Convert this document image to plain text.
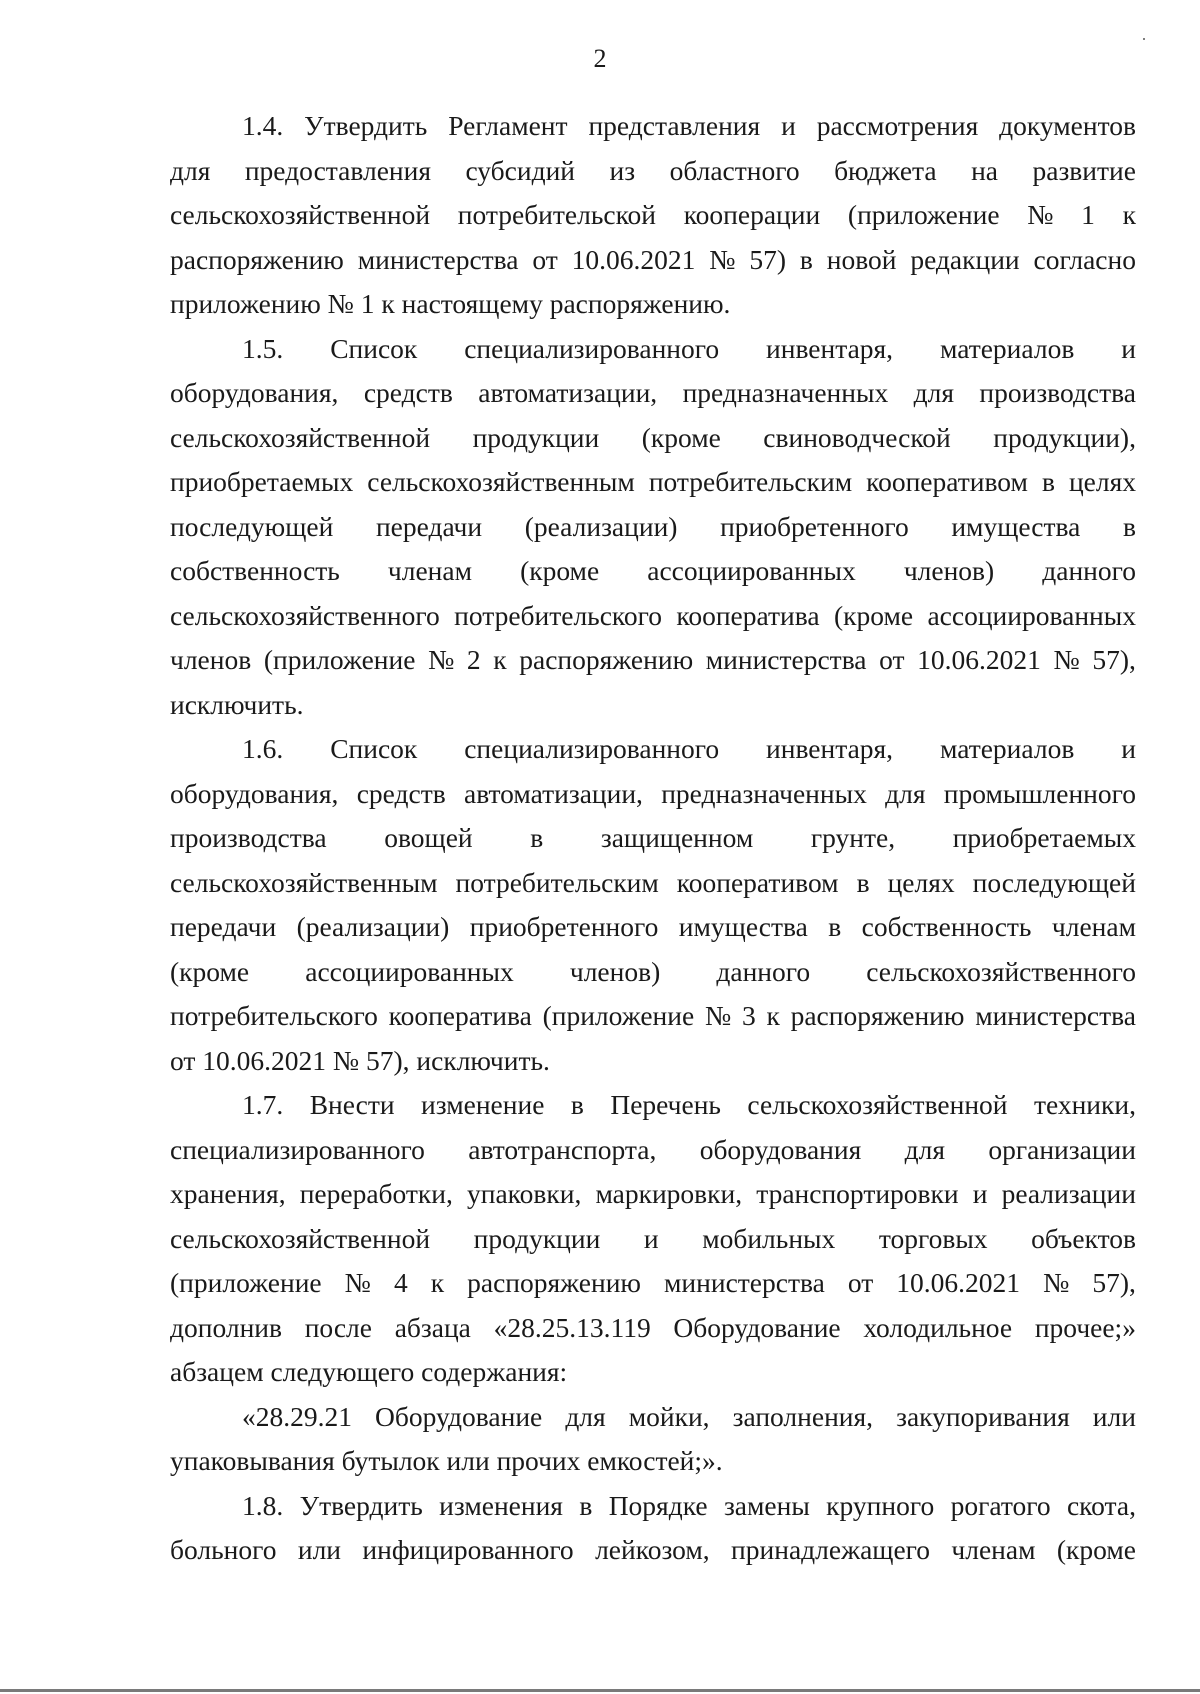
2
1.4. Утвердить Регламент представления и рассмотрения документов
для предоставления субсидий из областного бюджета на развитие
сельскохозяйственной потребительской кооперации (приложение № 1 к
распоряжению министерства от 10.06.2021 № 57) в новой редакции согласно
приложению № 1 к настоящему распоряжению.
1.5. Список специализированного инвентаря, материалов и
оборудования, средств автоматизации, предназначенных для производства
сельскохозяйственной продукции (кроме свиноводческой продукции),
приобретаемых сельскохозяйственным потребительским кооперативом в целях
последующей передачи (реализации) приобретенного имущества в
собственность членам (кроме ассоциированных членов) данного
сельскохозяйственного потребительского кооператива (кроме ассоциированных
членов (приложение № 2 к распоряжению министерства от 10.06.2021 № 57),
исключить.
1.6. Список специализированного инвентаря, материалов и
оборудования, средств автоматизации, предназначенных для промышленного
производства овощей в защищенном грунте, приобретаемых
сельскохозяйственным потребительским кооперативом в целях последующей
передачи (реализации) приобретенного имущества в собственность членам
(кроме ассоциированных членов) данного сельскохозяйственного
потребительского кооператива (приложение № 3 к распоряжению министерства
от 10.06.2021 № 57), исключить.
1.7. Внести изменение в Перечень сельскохозяйственной техники,
специализированного автотранспорта, оборудования для организации
хранения, переработки, упаковки, маркировки, транспортировки и реализации
сельскохозяйственной продукции и мобильных торговых объектов
(приложение № 4 к распоряжению министерства от 10.06.2021 № 57),
дополнив после абзаца «28.25.13.119 Оборудование холодильное прочее;»
абзацем следующего содержания:
«28.29.21 Оборудование для мойки, заполнения, закупоривания или
упаковывания бутылок или прочих емкостей;».
1.8. Утвердить изменения в Порядке замены крупного рогатого скота,
больного или инфицированного лейкозом, принадлежащего членам (кроме
